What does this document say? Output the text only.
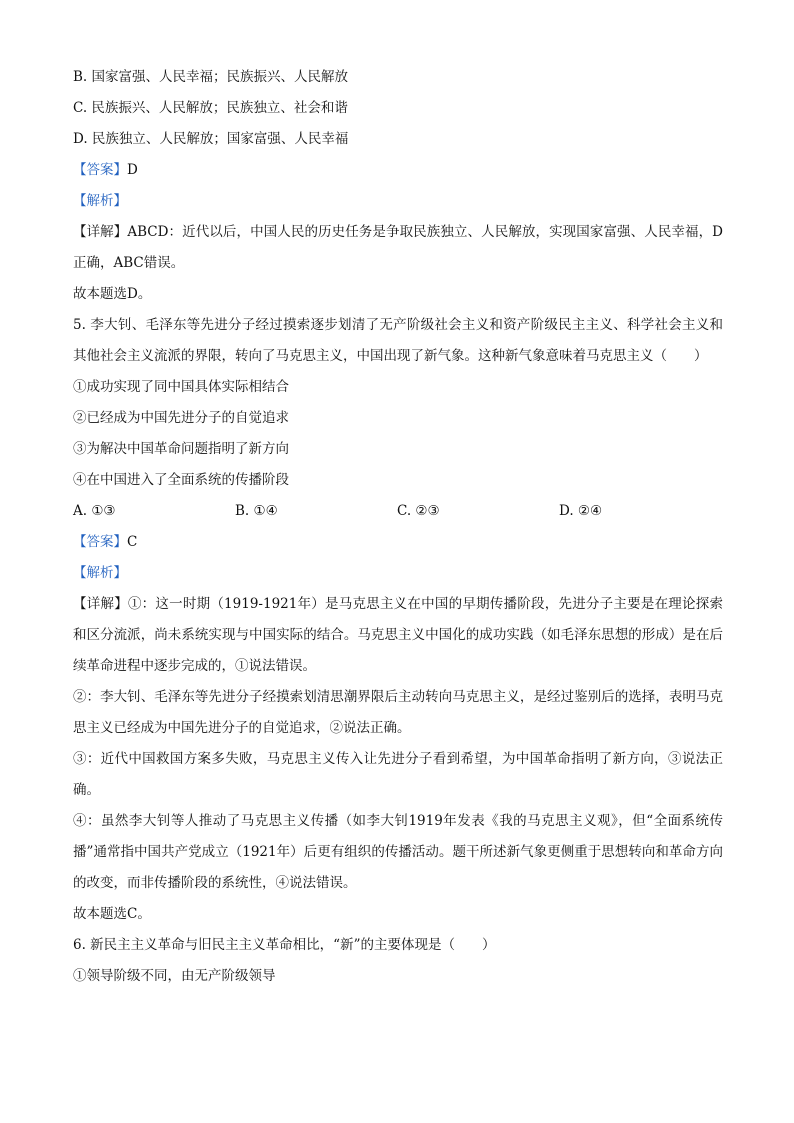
B. 国家富强、人民幸福；民族振兴、人民解放
C. 民族振兴、人民解放；民族独立、社会和谐
D. 民族独立、人民解放；国家富强、人民幸福
【答案】D
【解析】
【详解】ABCD：近代以后，中国人民的历史任务是争取民族独立、人民解放，实现国家富强、人民幸福，D正确，ABC错误。
故本题选D。
5. 李大钊、毛泽东等先进分子经过摸索逐步划清了无产阶级社会主义和资产阶级民主主义、科学社会主义和其他社会主义流派的界限，转向了马克思主义，中国出现了新气象。这种新气象意味着马克思主义（　　）
①成功实现了同中国具体实际相结合
②已经成为中国先进分子的自觉追求
③为解决中国革命问题指明了新方向
④在中国进入了全面系统的传播阶段
A. ①③	B. ①④	C. ②③	D. ②④
【答案】C
【解析】
【详解】①：这一时期（1919-1921年）是马克思主义在中国的早期传播阶段，先进分子主要是在理论探索和区分流派，尚未系统实现与中国实际的结合。马克思主义中国化的成功实践（如毛泽东思想的形成）是在后续革命进程中逐步完成的，①说法错误。
②：李大钊、毛泽东等先进分子经摸索划清思潮界限后主动转向马克思主义，是经过鉴别后的选择，表明马克思主义已经成为中国先进分子的自觉追求，②说法正确。
③：近代中国救国方案多失败，马克思主义传入让先进分子看到希望，为中国革命指明了新方向，③说法正确。
④：虽然李大钊等人推动了马克思主义传播（如李大钊1919年发表《我的马克思主义观》，但“全面系统传播”通常指中国共产党成立（1921年）后更有组织的传播活动。题干所述新气象更侧重于思想转向和革命方向的改变，而非传播阶段的系统性，④说法错误。
故本题选C。
6. 新民主主义革命与旧民主主义革命相比，“新”的主要体现是（　　）
①领导阶级不同，由无产阶级领导
